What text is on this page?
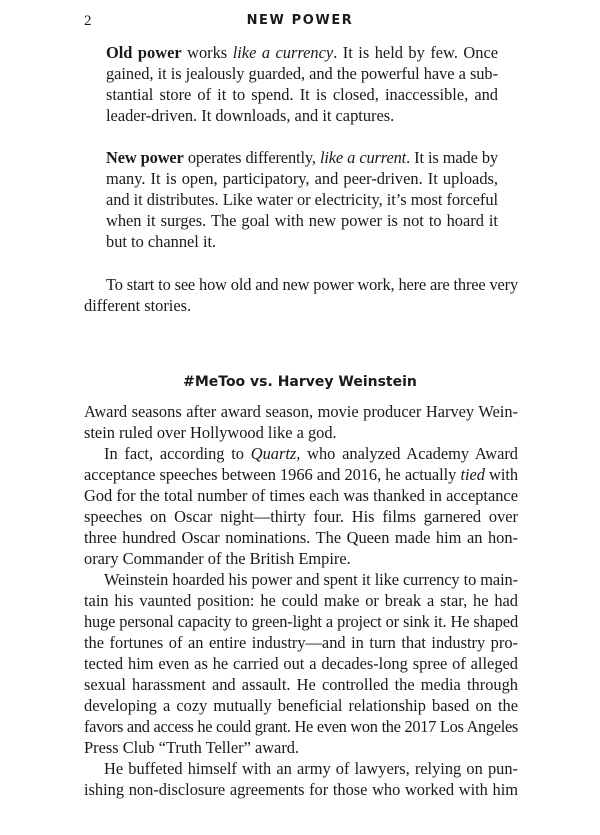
2	NEW POWER
Old power works like a currency. It is held by few. Once
gained, it is jealously guarded, and the powerful have a sub-
stantial store of it to spend. It is closed, inaccessible, and
leader-driven. It downloads, and it captures.
New power operates differently, like a current. It is made by
many. It is open, participatory, and peer-driven. It uploads,
and it distributes. Like water or electricity, it’s most forceful
when it surges. The goal with new power is not to hoard it
but to channel it.
To start to see how old and new power work, here are three very
different stories.
#MeToo vs. Harvey Weinstein
Award seasons after award season, movie producer Harvey Wein-
stein ruled over Hollywood like a god.
In fact, according to Quartz, who analyzed Academy Award
acceptance speeches between 1966 and 2016, he actually tied with
God for the total number of times each was thanked in acceptance
speeches on Oscar night—thirty four. His films garnered over
three hundred Oscar nominations. The Queen made him an hon-
orary Commander of the British Empire.
Weinstein hoarded his power and spent it like currency to main-
tain his vaunted position: he could make or break a star, he had
huge personal capacity to green-light a project or sink it. He shaped
the fortunes of an entire industry—and in turn that industry pro-
tected him even as he carried out a decades-long spree of alleged
sexual harassment and assault. He controlled the media through
developing a cozy mutually beneficial relationship based on the
favors and access he could grant. He even won the 2017 Los Angeles
Press Club “Truth Teller” award.
He buffeted himself with an army of lawyers, relying on pun-
ishing non-disclosure agreements for those who worked with him
